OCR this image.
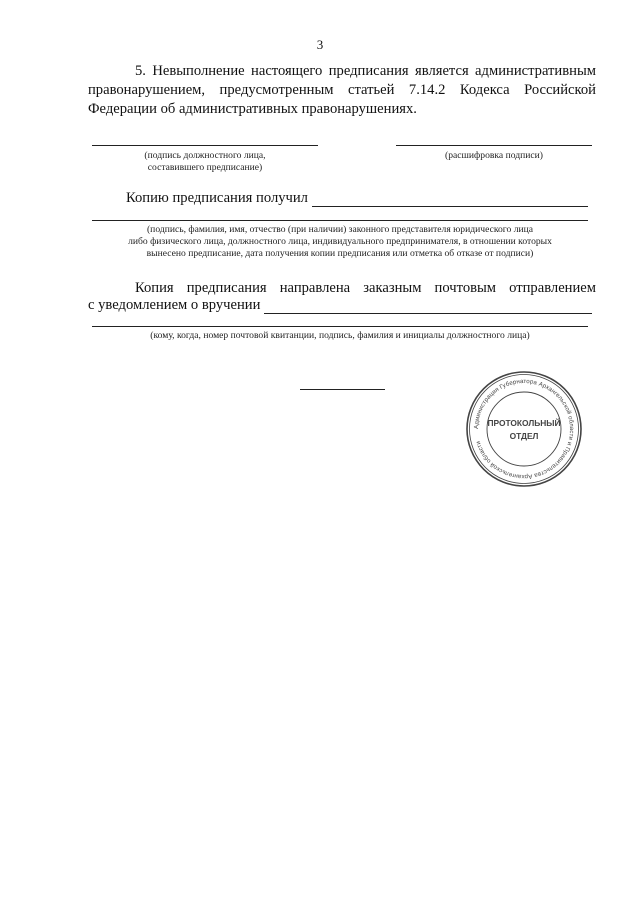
3
5. Невыполнение настоящего предписания является административным правонарушением, предусмотренным статьей 7.14.2 Кодекса Российской Федерации об административных правонарушениях.
(подпись должностного лица,
составившего предписание)
(расшифровка подписи)
Копию предписания получил
(подпись, фамилия, имя, отчество (при наличии) законного представителя юридического лица
либо физического лица, должностного лица, индивидуального предпринимателя, в отношении которых
вынесено предписание, дата получения копии предписания или отметка об отказе от подписи)
Копия предписания направлена заказным почтовым отправлением
с уведомлением о вручении
(кому, когда, номер почтовой квитанции, подпись, фамилия и инициалы должностного лица)
Администрация Губернатора Архангельской области и Правительства Архангельской области
ПРОТОКОЛЬНЫЙ
ОТДЕЛ
